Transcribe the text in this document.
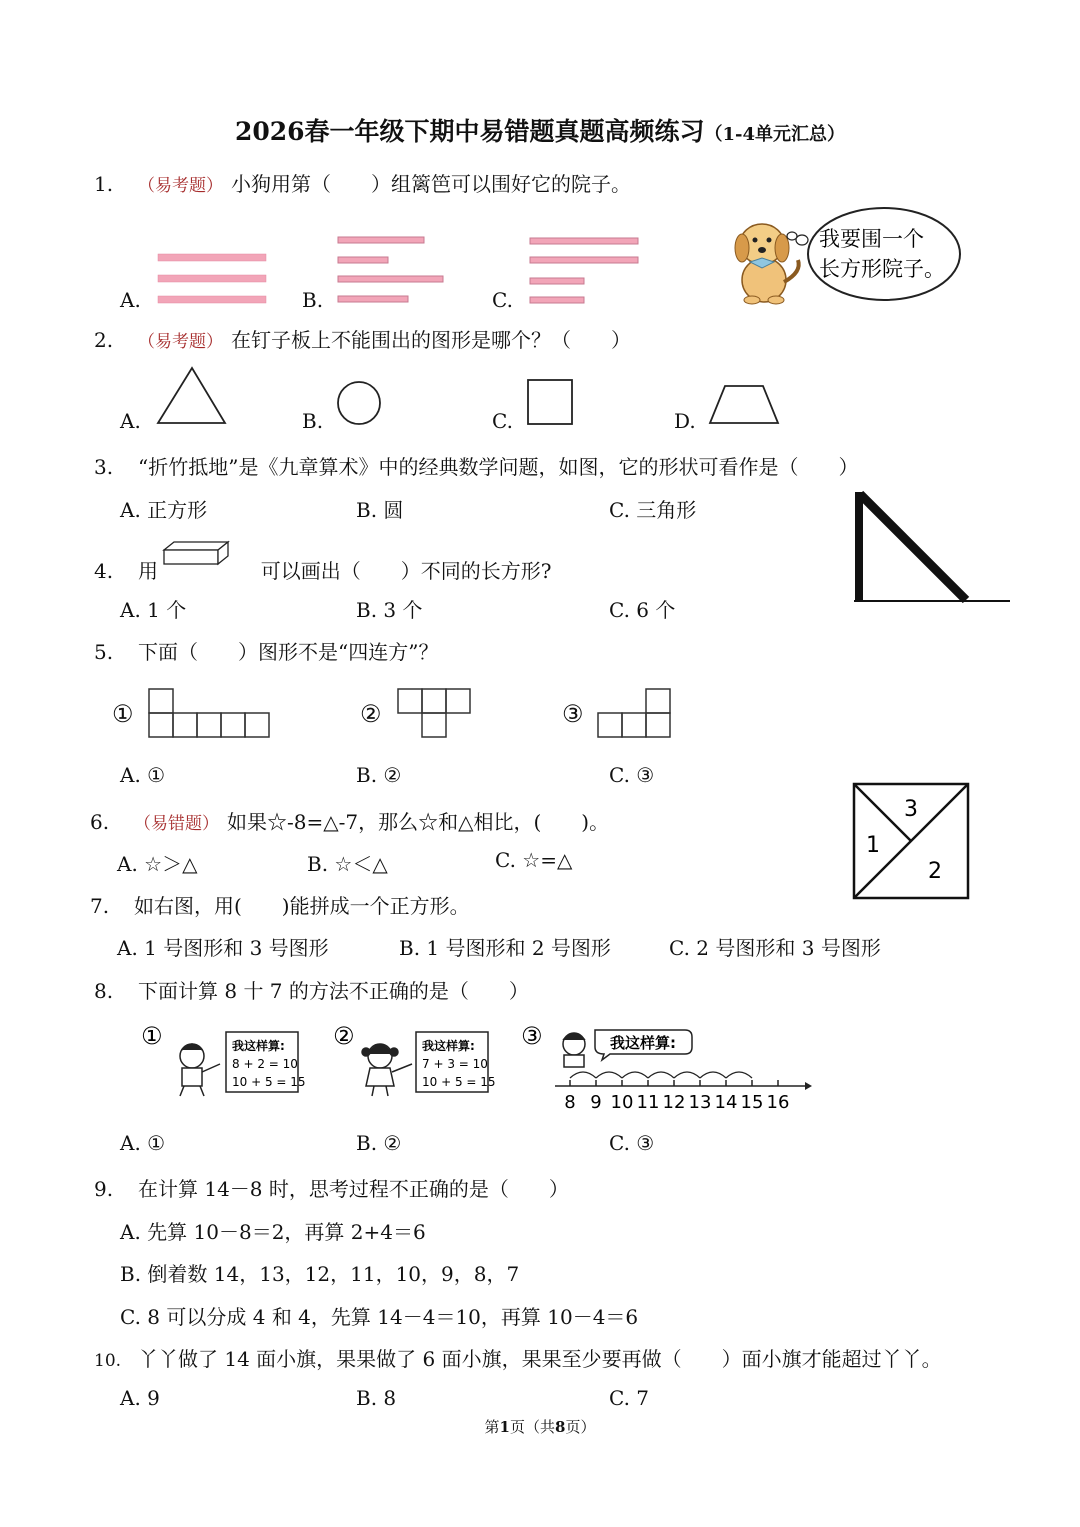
2026春一年级下期中易错题真题高频练习（1-4单元汇总）
1. （易考题） 小狗用第（　　）组篱笆可以围好它的院子。
A.	B.	C.
我要围一个
长方形院子。
2. （易考题） 在钉子板上不能围出的图形是哪个？（　　）
A.	B.	C.	D.
3. “折竹抵地”是《九章算术》中的经典数学问题，如图，它的形状可看作是（　　）
A. 正方形	B. 圆	C. 三角形
4. 用	可以画出（　　）不同的长方形?
A. 1 个	B. 3 个	C. 6 个
5. 下面（　　）图形不是“四连方”？
①	②	③
A. ①	B. ②	C. ③
6. （易错题） 如果☆-8=△-7，那么☆和△相比，(　　)。
A. ☆＞△	B. ☆＜△	C. ☆=△
3
1
2
7. 如右图，用(　　)能拼成一个正方形。
A. 1 号图形和 3 号图形	B. 1 号图形和 2 号图形	C. 2 号图形和 3 号图形
8. 下面计算 8 十 7 的方法不正确的是（　　）
①	我这样算:
8 + 2 = 10
10 + 5 = 15
②	我这样算:
7 + 3 = 10
10 + 5 = 15
③	我这样算:
8 9 10 11 12 13 14 15 16
A. ①	B. ②	C. ③
9. 在计算 14－8 时，思考过程不正确的是（　　）
A. 先算 10－8＝2，再算 2+4＝6
B. 倒着数 14，13，12，11，10，9，8，7
C. 8 可以分成 4 和 4，先算 14－4＝10，再算 10－4＝6
10. 丫丫做了 14 面小旗，果果做了 6 面小旗，果果至少要再做（　　）面小旗才能超过丫丫。
A. 9	B. 8	C. 7
第1页（共8页）
